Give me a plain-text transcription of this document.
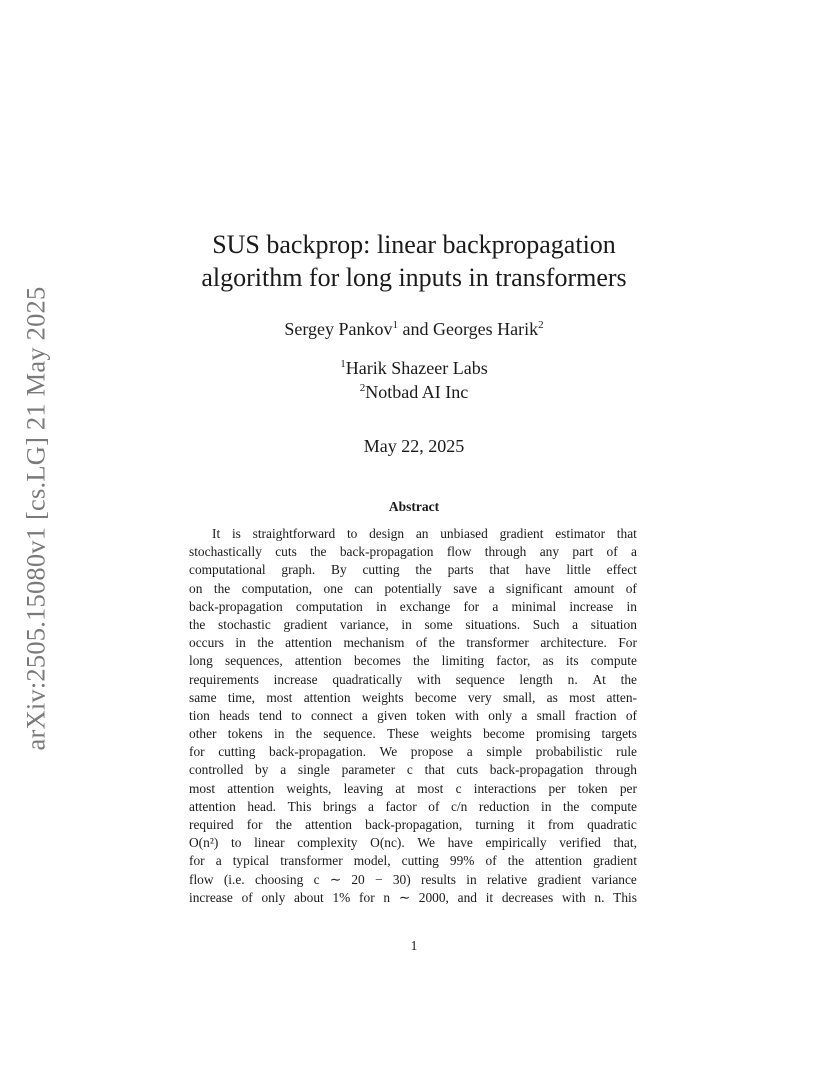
arXiv:2505.15080v1 [cs.LG] 21 May 2025
SUS backprop: linear backpropagation
algorithm for long inputs in transformers
Sergey Pankov$^1$ and Georges Harik$^2$
$^1$Harik Shazeer Labs
$^2$Notbad AI Inc
May 22, 2025
Abstract
It is straightforward to design an unbiased gradient estimator that
stochastically cuts the back-propagation flow through any part of a
computational graph. By cutting the parts that have little effect
on the computation, one can potentially save a significant amount of
back-propagation computation in exchange for a minimal increase in
the stochastic gradient variance, in some situations. Such a situation
occurs in the attention mechanism of the transformer architecture. For
long sequences, attention becomes the limiting factor, as its compute
requirements increase quadratically with sequence length n. At the
same time, most attention weights become very small, as most atten-
tion heads tend to connect a given token with only a small fraction of
other tokens in the sequence. These weights become promising targets
for cutting back-propagation. We propose a simple probabilistic rule
controlled by a single parameter c that cuts back-propagation through
most attention weights, leaving at most c interactions per token per
attention head. This brings a factor of c/n reduction in the compute
required for the attention back-propagation, turning it from quadratic
O(n²) to linear complexity O(nc). We have empirically verified that,
for a typical transformer model, cutting 99% of the attention gradient
flow (i.e. choosing c ∼ 20 − 30) results in relative gradient variance
increase of only about 1% for n ∼ 2000, and it decreases with n. This
1
